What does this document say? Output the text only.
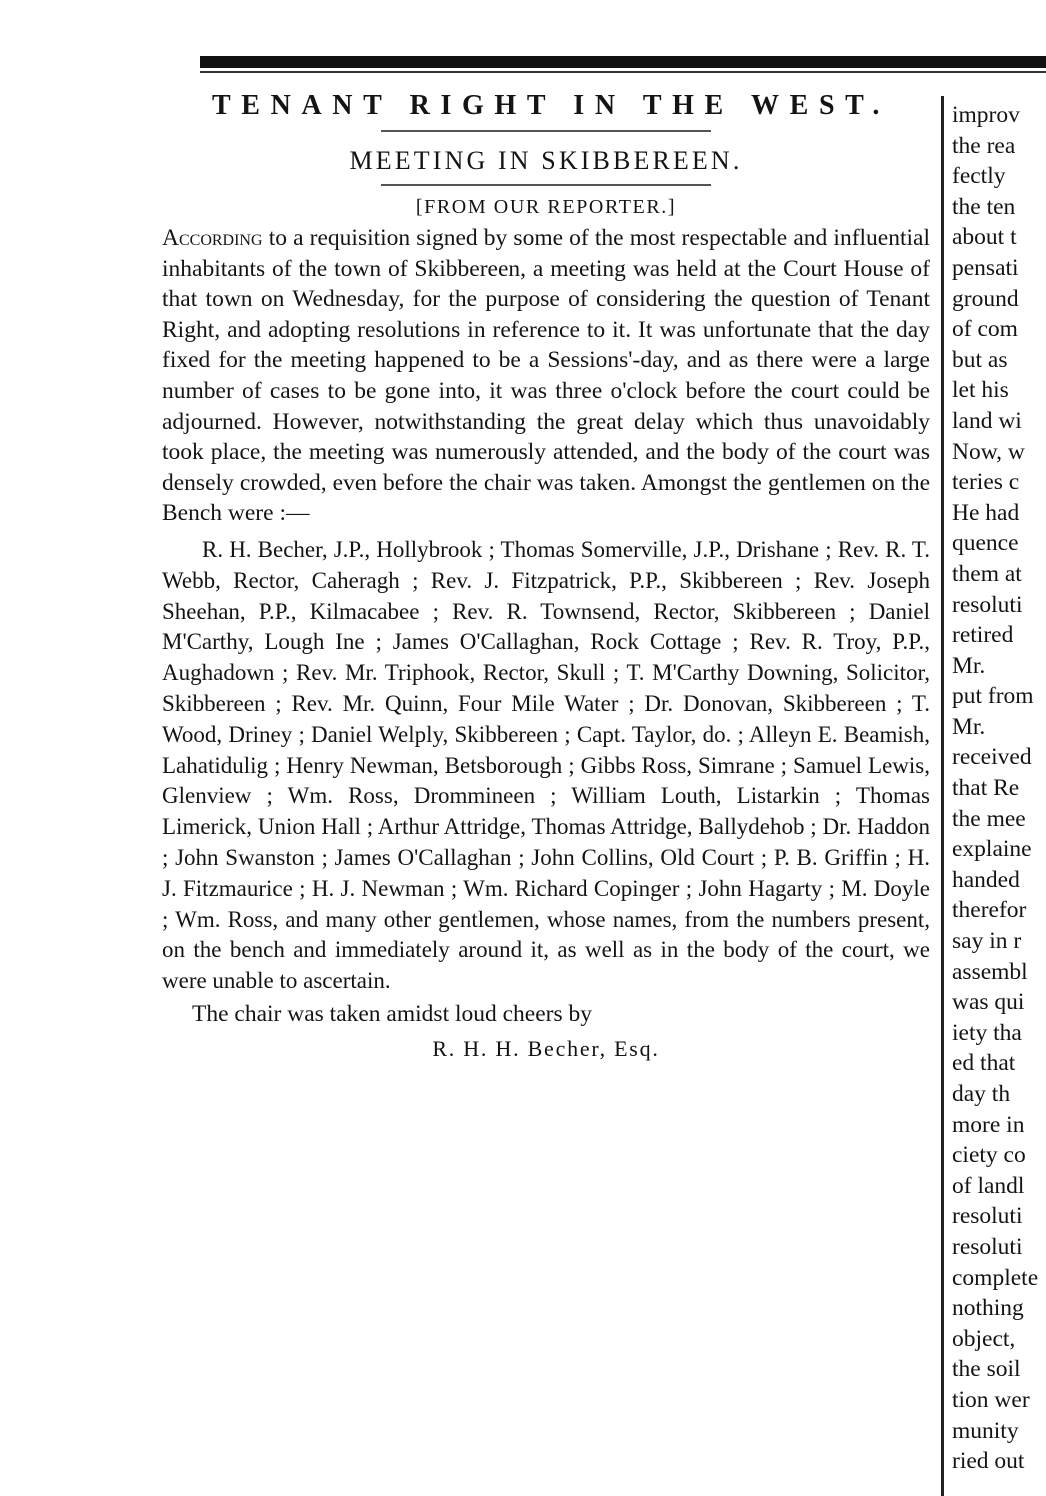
TENANT RIGHT IN THE WEST.
MEETING IN SKIBBEREEN.
[FROM OUR REPORTER.]

According to a requisition signed by some of the most respectable and influential inhabitants of the town of Skibbereen, a meeting was held at the Court House of that town on Wednesday, for the purpose of considering the question of Tenant Right, and adopting resolutions in reference to it. It was unfortunate that the day fixed for the meeting happened to be a Sessions'-day, and as there were a large number of cases to be gone into, it was three o'clock before the court could be adjourned. However, notwithstanding the great delay which thus unavoidably took place, the meeting was numerously attended, and the body of the court was densely crowded, even before the chair was taken. Amongst the gentlemen on the Bench were :—

R. H. Becher, J.P., Hollybrook ; Thomas Somerville, J.P., Drishane ; Rev. R. T. Webb, Rector, Caheragh ; Rev. J. Fitzpatrick, P.P., Skibbereen ; Rev. Joseph Sheehan, P.P., Kilmacabee ; Rev. R. Townsend, Rector, Skibbereen ; Daniel M'Carthy, Lough Ine ; James O'Callaghan, Rock Cottage ; Rev. R. Troy, P.P., Aughadown ; Rev. Mr. Triphook, Rector, Skull ; T. M'Carthy Downing, Solicitor, Skibbereen ; Rev. Mr. Quinn, Four Mile Water ; Dr. Donovan, Skibbereen ; T. Wood, Driney ; Daniel Welply, Skibbereen ; Capt. Taylor, do. ; Alleyn E. Beamish, Lahatidulig ; Henry Newman, Betsborough ; Gibbs Ross, Simrane ; Samuel Lewis, Glenview ; Wm. Ross, Drommineen ; William Louth, Listarkin ; Thomas Limerick, Union Hall ; Arthur Attridge, Thomas Attridge, Ballydehob ; Dr. Haddon ; John Swanston ; James O'Callaghan ; John Collins, Old Court ; P. B. Griffin ; H. J. Fitzmaurice ; H. J. Newman ; Wm. Richard Copinger ; John Hagarty ; M. Doyle ; Wm. Ross, and many other gentlemen, whose names, from the numbers present, on the bench and immediately around it, as well as in the body of the court, we were unable to ascertain.

The chair was taken amidst loud cheers by

R. H. H. Becher, Esq.
improv
the rea
fectly
the ten
about t
pensati
ground
of com
but as
let his
land wi
Now, w
teries c
He had
quence
them at
resoluti
retired
Mr.
put from
Mr.
received
that Re
the mee
explaine
handed
therefor
say in r
assembl
was qui
iety tha
ed that
day th
more in
ciety co
of landl
resoluti
resoluti
complete
nothing
object,
the soil
tion wer
munity
ried out
